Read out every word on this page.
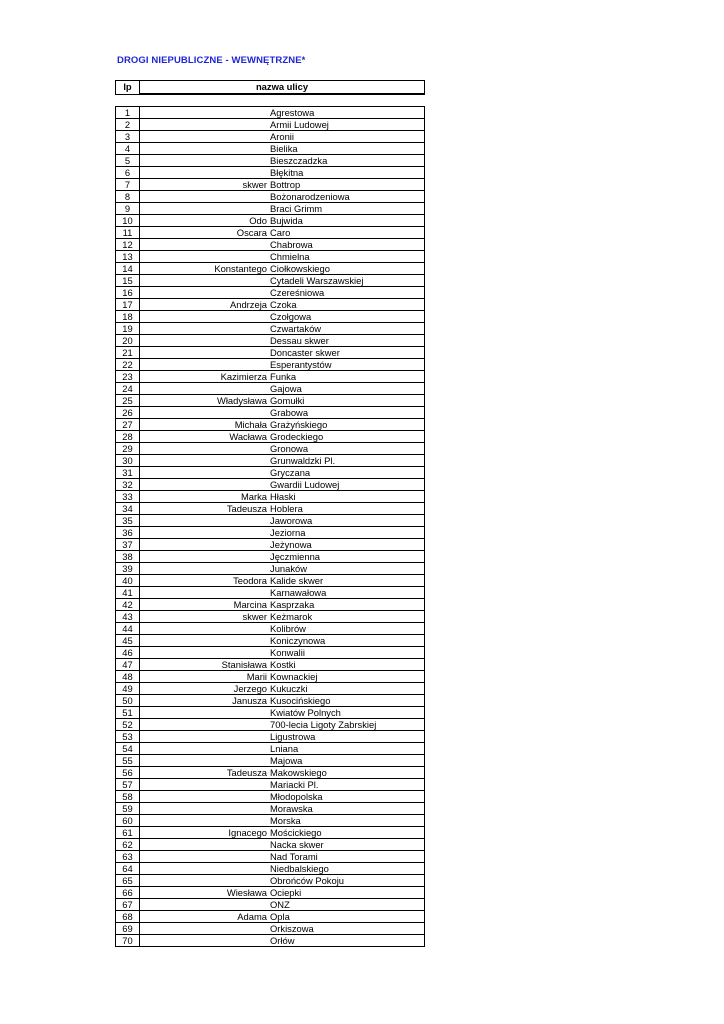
DROGI NIEPUBLICZNE - WEWNĘTRZNE*
lp	nazwa ulicy
1	Agrestowa

2	Armii Ludowej

3	Aronii

4	Bielika

5	Bieszczadzka

6	Błękitna

7	skwer Bottrop

8	Bożonarodzeniowa

9	Braci Grimm

10	Odo Bujwida

11	Oscara Caro

12	Chabrowa

13	Chmielna

14	Konstantego Ciołkowskiego

15	Cytadeli Warszawskiej

16	Czereśniowa

17	Andrzeja Czoka

18	Czołgowa

19	Czwartaków

20	Dessau skwer

21	Doncaster skwer

22	Esperantystów

23	Kazimierza Funka

24	Gajowa

25	Władysława Gomułki

26	Grabowa

27	Michała Grażyńskiego

28	Wacława Grodeckiego

29	Gronowa

30	Grunwaldzki Pl.

31	Gryczana

32	Gwardii Ludowej

33	Marka Hłaski

34	Tadeusza Hoblera

35	Jaworowa

36	Jeziorna

37	Jeżynowa

38	Jęczmienna

39	Junaków

40	Teodora Kalide skwer

41	Karnawałowa

42	Marcina Kasprzaka

43	skwer Keżmarok

44	Kolibrów

45	Koniczynowa

46	Konwalii

47	Stanisława Kostki

48	Marii Kownackiej

49	Jerzego Kukuczki

50	Janusza Kusocińskiego

51	Kwiatów Polnych

52	700-lecia Ligoty Zabrskiej

53	Ligustrowa

54	Lniana

55	Majowa

56	Tadeusza Makowskiego

57	Mariacki Pl.

58	Młodopolska

59	Morawska

60	Morska

61	Ignacego Mościckiego

62	Nacka skwer

63	Nad Torami

64	Niedbalskiego

65	Obrońców Pokoju

66	Wiesława Ociepki

67	ONZ

68	Adama Opla

69	Orkiszowa

70	Orłów
